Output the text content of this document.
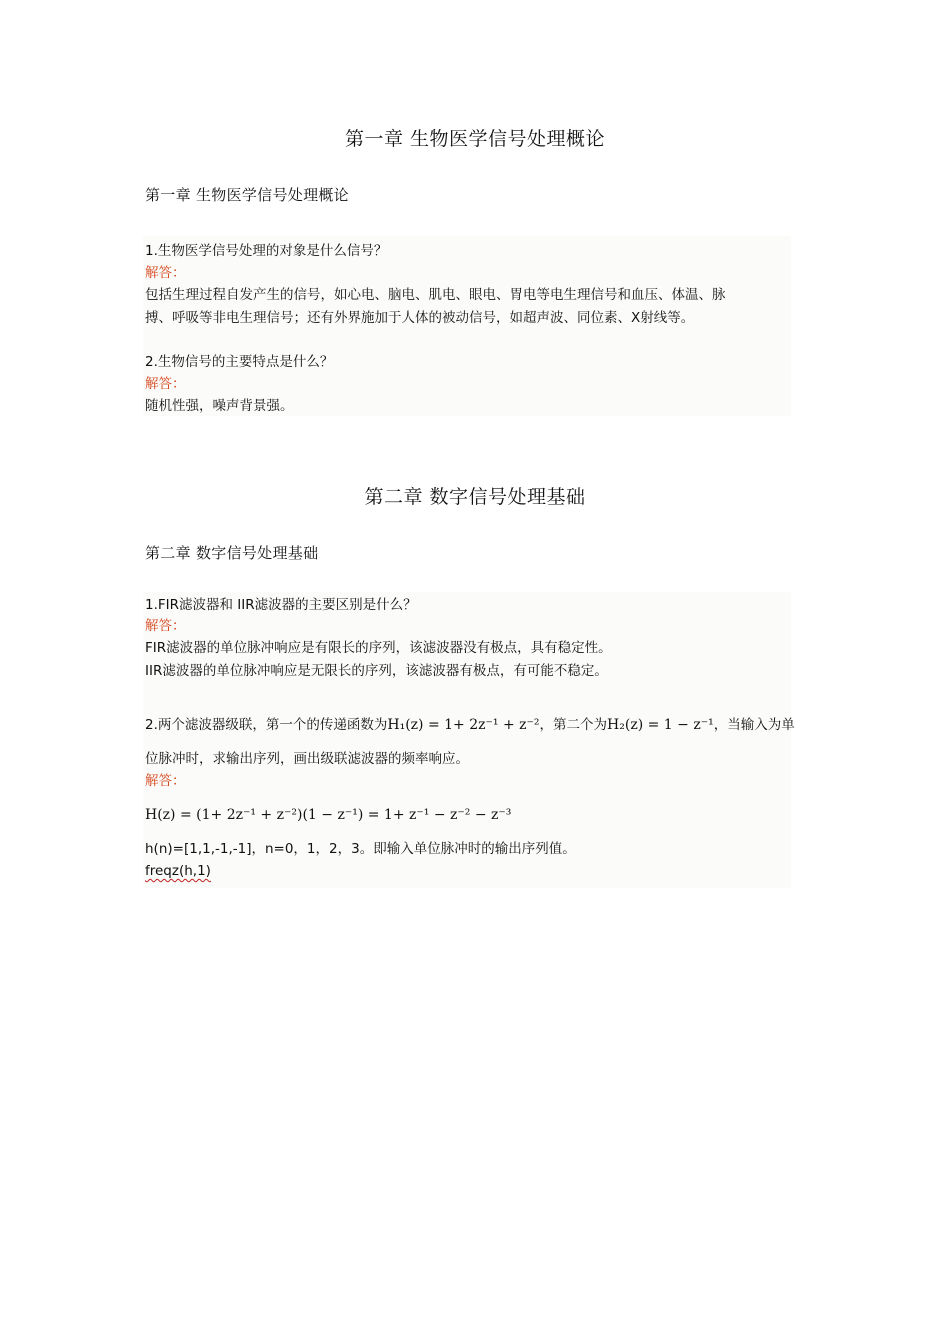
第一章 生物医学信号处理概论
第一章 生物医学信号处理概论
1.生物医学信号处理的对象是什么信号？
解答：
包括生理过程自发产生的信号，如心电、脑电、肌电、眼电、胃电等电生理信号和血压、体温、脉
搏、呼吸等非电生理信号；还有外界施加于人体的被动信号，如超声波、同位素、X射线等。
2.生物信号的主要特点是什么？
解答：
随机性强，噪声背景强。
第二章 数字信号处理基础
第二章 数字信号处理基础
1.FIR滤波器和 IIR滤波器的主要区别是什么？
解答：
FIR滤波器的单位脉冲响应是有限长的序列，该滤波器没有极点，具有稳定性。
IIR滤波器的单位脉冲响应是无限长的序列，该滤波器有极点，有可能不稳定。
2.两个滤波器级联，第一个的传递函数为H₁(z) = 1+ 2z⁻¹ + z⁻²，第二个为H₂(z) = 1 − z⁻¹，当输入为单
位脉冲时，求输出序列，画出级联滤波器的频率响应。
解答：
H(z) = (1+ 2z⁻¹ + z⁻²)(1 − z⁻¹) = 1+ z⁻¹ − z⁻² − z⁻³
h(n)=[1,1,-1,-1]，n=0，1，2，3。即输入单位脉冲时的输出序列值。
freqz(h,1)
